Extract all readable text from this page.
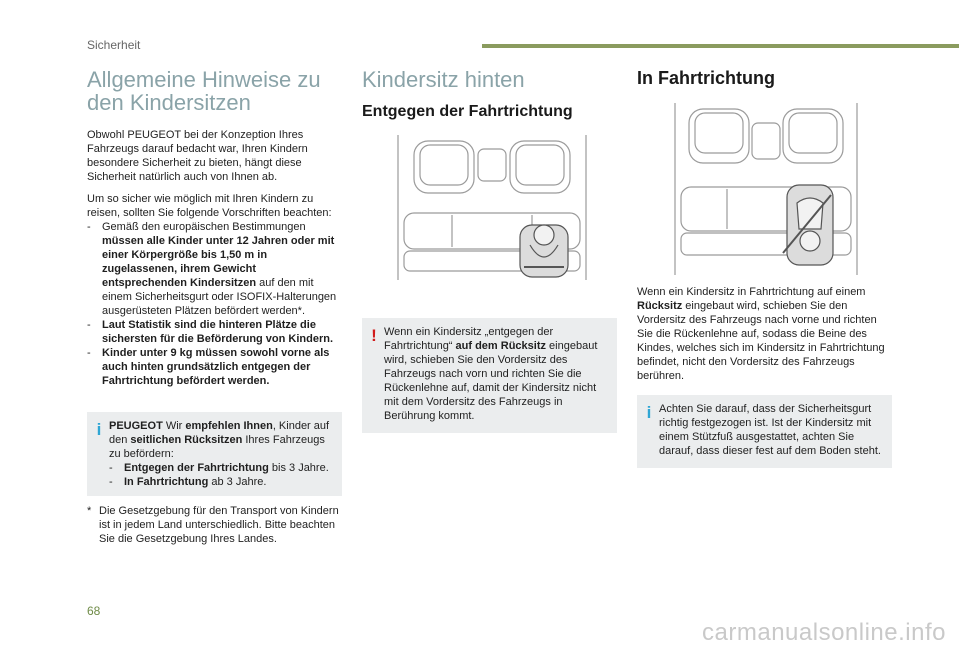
Sicherheit
Allgemeine Hinweise zu
den Kindersitzen

Obwohl PEUGEOT bei der Konzeption Ihres Fahrzeugs darauf bedacht war, Ihren Kindern besondere Sicherheit zu bieten, hängt diese Sicherheit natürlich auch von Ihnen ab.

Um so sicher wie möglich mit Ihren Kindern zu reisen, sollten Sie folgende Vorschriften beachten:

-	Gemäß den europäischen Bestimmungen müssen alle Kinder unter 12 Jahren oder mit einer Körpergröße bis 1,50 m in zugelassenen, ihrem Gewicht entsprechenden Kindersitzen auf den mit einem Sicherheitsgurt oder ISOFIX-Halterungen ausgerüsteten Plätzen befördert werden*.
-	Laut Statistik sind die hinteren Plätze die sichersten für die Beförderung von Kindern.
-	Kinder unter 9 kg müssen sowohl vorne als auch hinten grundsätzlich entgegen der Fahrtrichtung befördert werden.
i PEUGEOT Wir empfehlen Ihnen, Kinder auf den seitlichen Rücksitzen Ihres Fahrzeugs zu befördern:
-	Entgegen der Fahrtrichtung bis 3 Jahre.
-	In Fahrtrichtung ab 3 Jahre.
* Die Gesetzgebung für den Transport von Kindern ist in jedem Land unterschiedlich. Bitte beachten Sie die Gesetzgebung Ihres Landes.
Kindersitz hinten
Entgegen der Fahrtrichtung
! Wenn ein Kindersitz „entgegen der Fahrtrichtung“ auf dem Rücksitz eingebaut wird, schieben Sie den Vordersitz des Fahrzeugs nach vorn und richten Sie die Rückenlehne auf, damit der Kindersitz nicht mit dem Vordersitz des Fahrzeugs in Berührung kommt.
In Fahrtrichtung

Wenn ein Kindersitz in Fahrtrichtung auf einem Rücksitz eingebaut wird, schieben Sie den Vordersitz des Fahrzeugs nach vorne und richten Sie die Rückenlehne auf, sodass die Beine des Kindes, welches sich im Kindersitz in Fahrtrichtung befindet, nicht den Vordersitz des Fahrzeugs berühren.

i Achten Sie darauf, dass der Sicherheitsgurt richtig festgezogen ist. Ist der Kindersitz mit einem Stützfuß ausgestattet, achten Sie darauf, dass dieser fest auf dem Boden steht.
68
carmanualsonline.info
